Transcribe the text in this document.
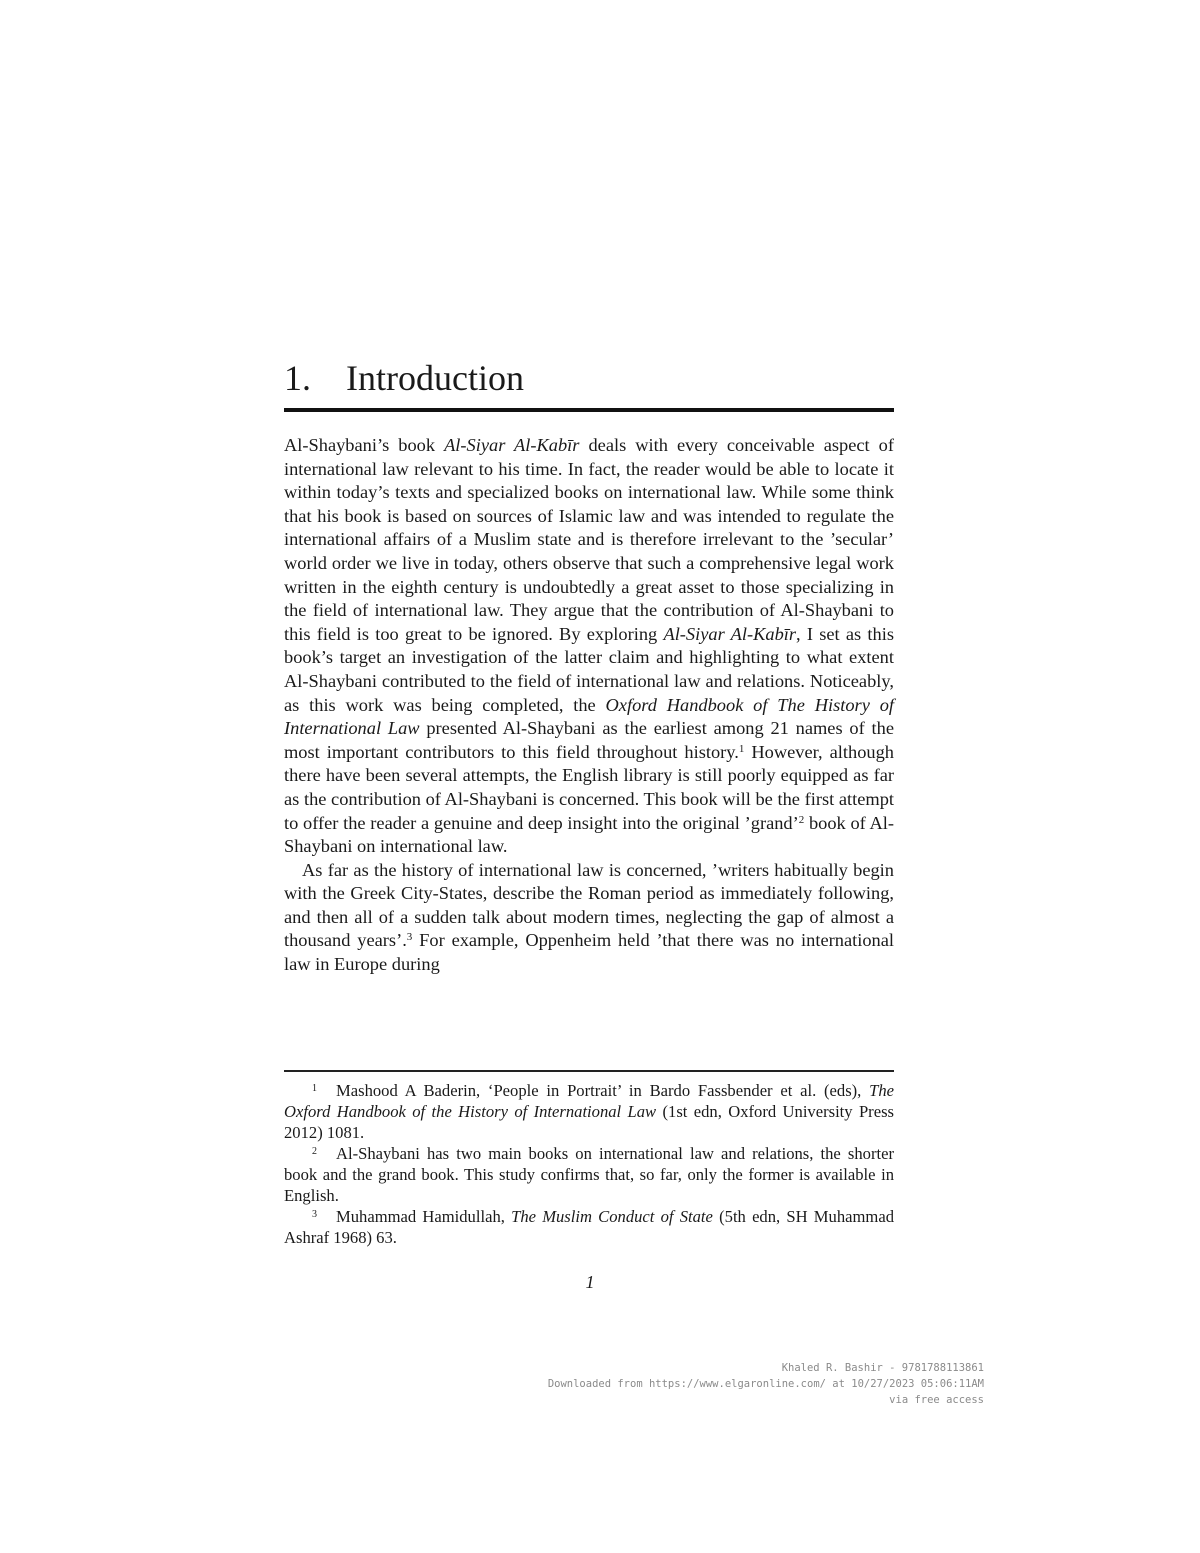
1. Introduction

Al-Shaybani’s book Al-Siyar Al-Kabīr deals with every conceivable aspect of international law relevant to his time. In fact, the reader would be able to locate it within today’s texts and specialized books on international law. While some think that his book is based on sources of Islamic law and was intended to regulate the international affairs of a Muslim state and is therefore irrelevant to the ’secular’ world order we live in today, others observe that such a comprehensive legal work written in the eighth century is undoubtedly a great asset to those specializing in the field of international law. They argue that the contribution of Al-Shaybani to this field is too great to be ignored. By exploring Al-Siyar Al-Kabīr, I set as this book’s target an investigation of the latter claim and highlighting to what extent Al-Shaybani contributed to the field of international law and relations. Noticeably, as this work was being completed, the Oxford Handbook of The History of International Law presented Al-Shaybani as the earliest among 21 names of the most important contributors to this field throughout history.$^1$ However, although there have been several attempts, the English library is still poorly equipped as far as the contribution of Al-Shaybani is concerned. This book will be the first attempt to offer the reader a genuine and deep insight into the original ’grand’$^2$ book of Al-Shaybani on international law.

As far as the history of international law is concerned, ’writers habitually begin with the Greek City-States, describe the Roman period as immediately following, and then all of a sudden talk about modern times, neglecting the gap of almost a thousand years’.$^3$ For example, Oppenheim held ’that there was no international law in Europe during

$^1$ Mashood A Baderin, ‘People in Portrait’ in Bardo Fassbender et al. (eds), The Oxford Handbook of the History of International Law (1st edn, Oxford University Press 2012) 1081.

$^2$ Al-Shaybani has two main books on international law and relations, the shorter book and the grand book. This study confirms that, so far, only the former is available in English.

$^3$ Muhammad Hamidullah, The Muslim Conduct of State (5th edn, SH Muhammad Ashraf 1968) 63.

1
Khaled R. Bashir - 9781788113861
Downloaded from https://www.elgaronline.com/ at 10/27/2023 05:06:11AM
via free access
